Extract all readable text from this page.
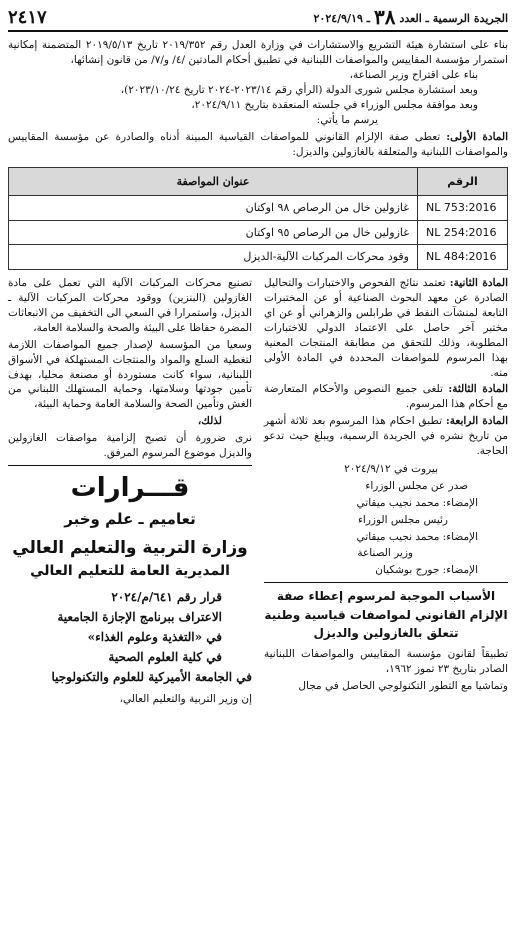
الجريدة الرسمية ـ العدد
٣٨
ـ ٢٠٢٤/٩/١٩
٢٤١٧

بناء على استشارة هيئة التشريع والاستشارات في وزارة العدل رقم ٢٠١٩/٣٥٢ تاريخ ٢٠١٩/٥/١٣ المتضمنة إمكانية استمرار مؤسسة المقاييس والمواصفات اللبنانية في تطبيق أحكام المادتين /٤/ و/٧/ من قانون إنشائها،

بناء على اقتراح وزير الصناعة،

وبعد استشارة مجلس شورى الدولة (الرأي رقم ٢٠٢٣/١٤-٢٠٢٤ تاريخ ٢٠٢٣/١٠/٢٤)،

وبعد موافقة مجلس الوزراء في جلسته المنعقدة بتاريخ ٢٠٢٤/٩/١١،

يرسم ما يأتي:

المادة الأولى: تعطى صفة الإلزام القانوني للمواصفات القياسية المبينة أدناه والصادرة عن مؤسسة المقاييس والمواصفات اللبنانية والمتعلقة بالغازولين والديزل:

الرقم	عنوان المواصفة
NL 753:2016	غازولين خال من الرصاص ٩٨ اوكتان
NL 254:2016	غازولين خال من الرصاص ٩٥ اوكتان
NL 484:2016	وقود محركات المركبات الآلية-الديزل

المادة الثانية: تعتمد نتائج الفحوص والاختبارات والتحاليل الصادرة عن معهد البحوث الصناعية أو عن المختبرات التابعة لمنشآت النفط في طرابلس والزهراني أو عن اي مختبر آخر حاصل على الاعتماد الدولي للاختبارات المطلوبة، وذلك للتحقق من مطابقة المنتجات المعنية بهذا المرسوم للمواصفات المحددة في المادة الأولى منه.

المادة الثالثة: تلغى جميع النصوص والأحكام المتعارضة مع أحكام هذا المرسوم.

المادة الرابعة: تطبق احكام هذا المرسوم بعد ثلاثة أشهر من تاريخ نشره في الجريدة الرسمية، ويبلغ حيث تدعو الحاجة.

بيروت في ٢٠٢٤/٩/١٢

صدر عن مجلس الوزراء

الإمضاء: محمد نجيب ميقاتي

رئيس مجلس الوزراء

الإمضاء: محمد نجيب ميقاتي

وزير الصناعة

الإمضاء: جورج بوشكيان

الأسباب الموجبة لمرسوم إعطاء صفة الإلزام القانوني لمواصفات قياسية وطنية تتعلق بالغازولين والديزل

تطبيقاً لقانون مؤسسة المقاييس والمواصفات اللبنانية الصادر بتاريخ ٢٣ تموز ١٩٦٢،

وتماشيا مع التطور التكنولوجي الحاصل في مجال

تصنيع محركات المركبات الآلية التي تعمل على مادة الغازولين (البنزين) ووقود محركات المركبات الآلية ـ الديزل، واستمرارا في السعي الى التخفيف من الانبعاثات المضرة حفاظا على البيئة والصحة والسلامة العامة،

وسعيا من المؤسسة لإصدار جميع المواصفات اللازمة لتغطية السلع والمواد والمنتجات المستهلكة في الأسواق اللبنانية، سواء كانت مستوردة أو مصنعة محليا، بهدف تأمين جودتها وسلامتها، وحماية المستهلك اللبناني من الغش وتأمين الصحة والسلامة العامة وحماية البيئة،

لذلك،

نرى ضرورة أن تصبح إلزامية مواصفات الغازولين والديزل موضوع المرسوم المرفق.

قـــرارات

تعاميم ـ علم وخبر

وزارة التربية والتعليم العالي

المديرية العامة للتعليم العالي

قرار رقم ٦٤١/م/٢٠٢٤

الاعتراف ببرنامج الإجازة الجامعية

في «التغذية وعلوم الغذاء»

في كلية العلوم الصحية

في الجامعة الأميركية للعلوم والتكنولوجيا

إن وزير التربية والتعليم العالي،
